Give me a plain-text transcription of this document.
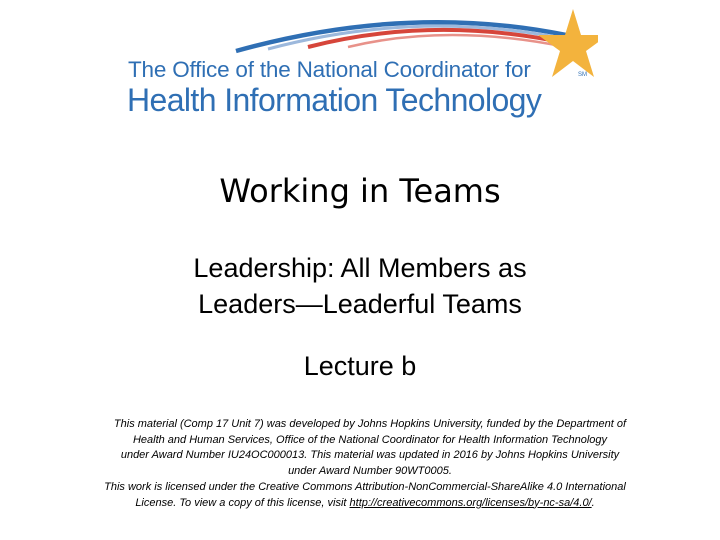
The Office of the National Coordinator for
Health Information Technology
SM
Working in Teams
Leadership: All Members as
Leaders—Leaderful Teams
Lecture b
This material (Comp 17 Unit 7) was developed by Johns Hopkins University, funded by the Department of
Health and Human Services, Office of the National Coordinator for Health Information Technology
under Award Number IU24OC000013. This material was updated in 2016 by Johns Hopkins University
under Award Number 90WT0005.
This work is licensed under the Creative Commons Attribution-NonCommercial-ShareAlike 4.0 International
License. To view a copy of this license, visit http://creativecommons.org/licenses/by-nc-sa/4.0/.
